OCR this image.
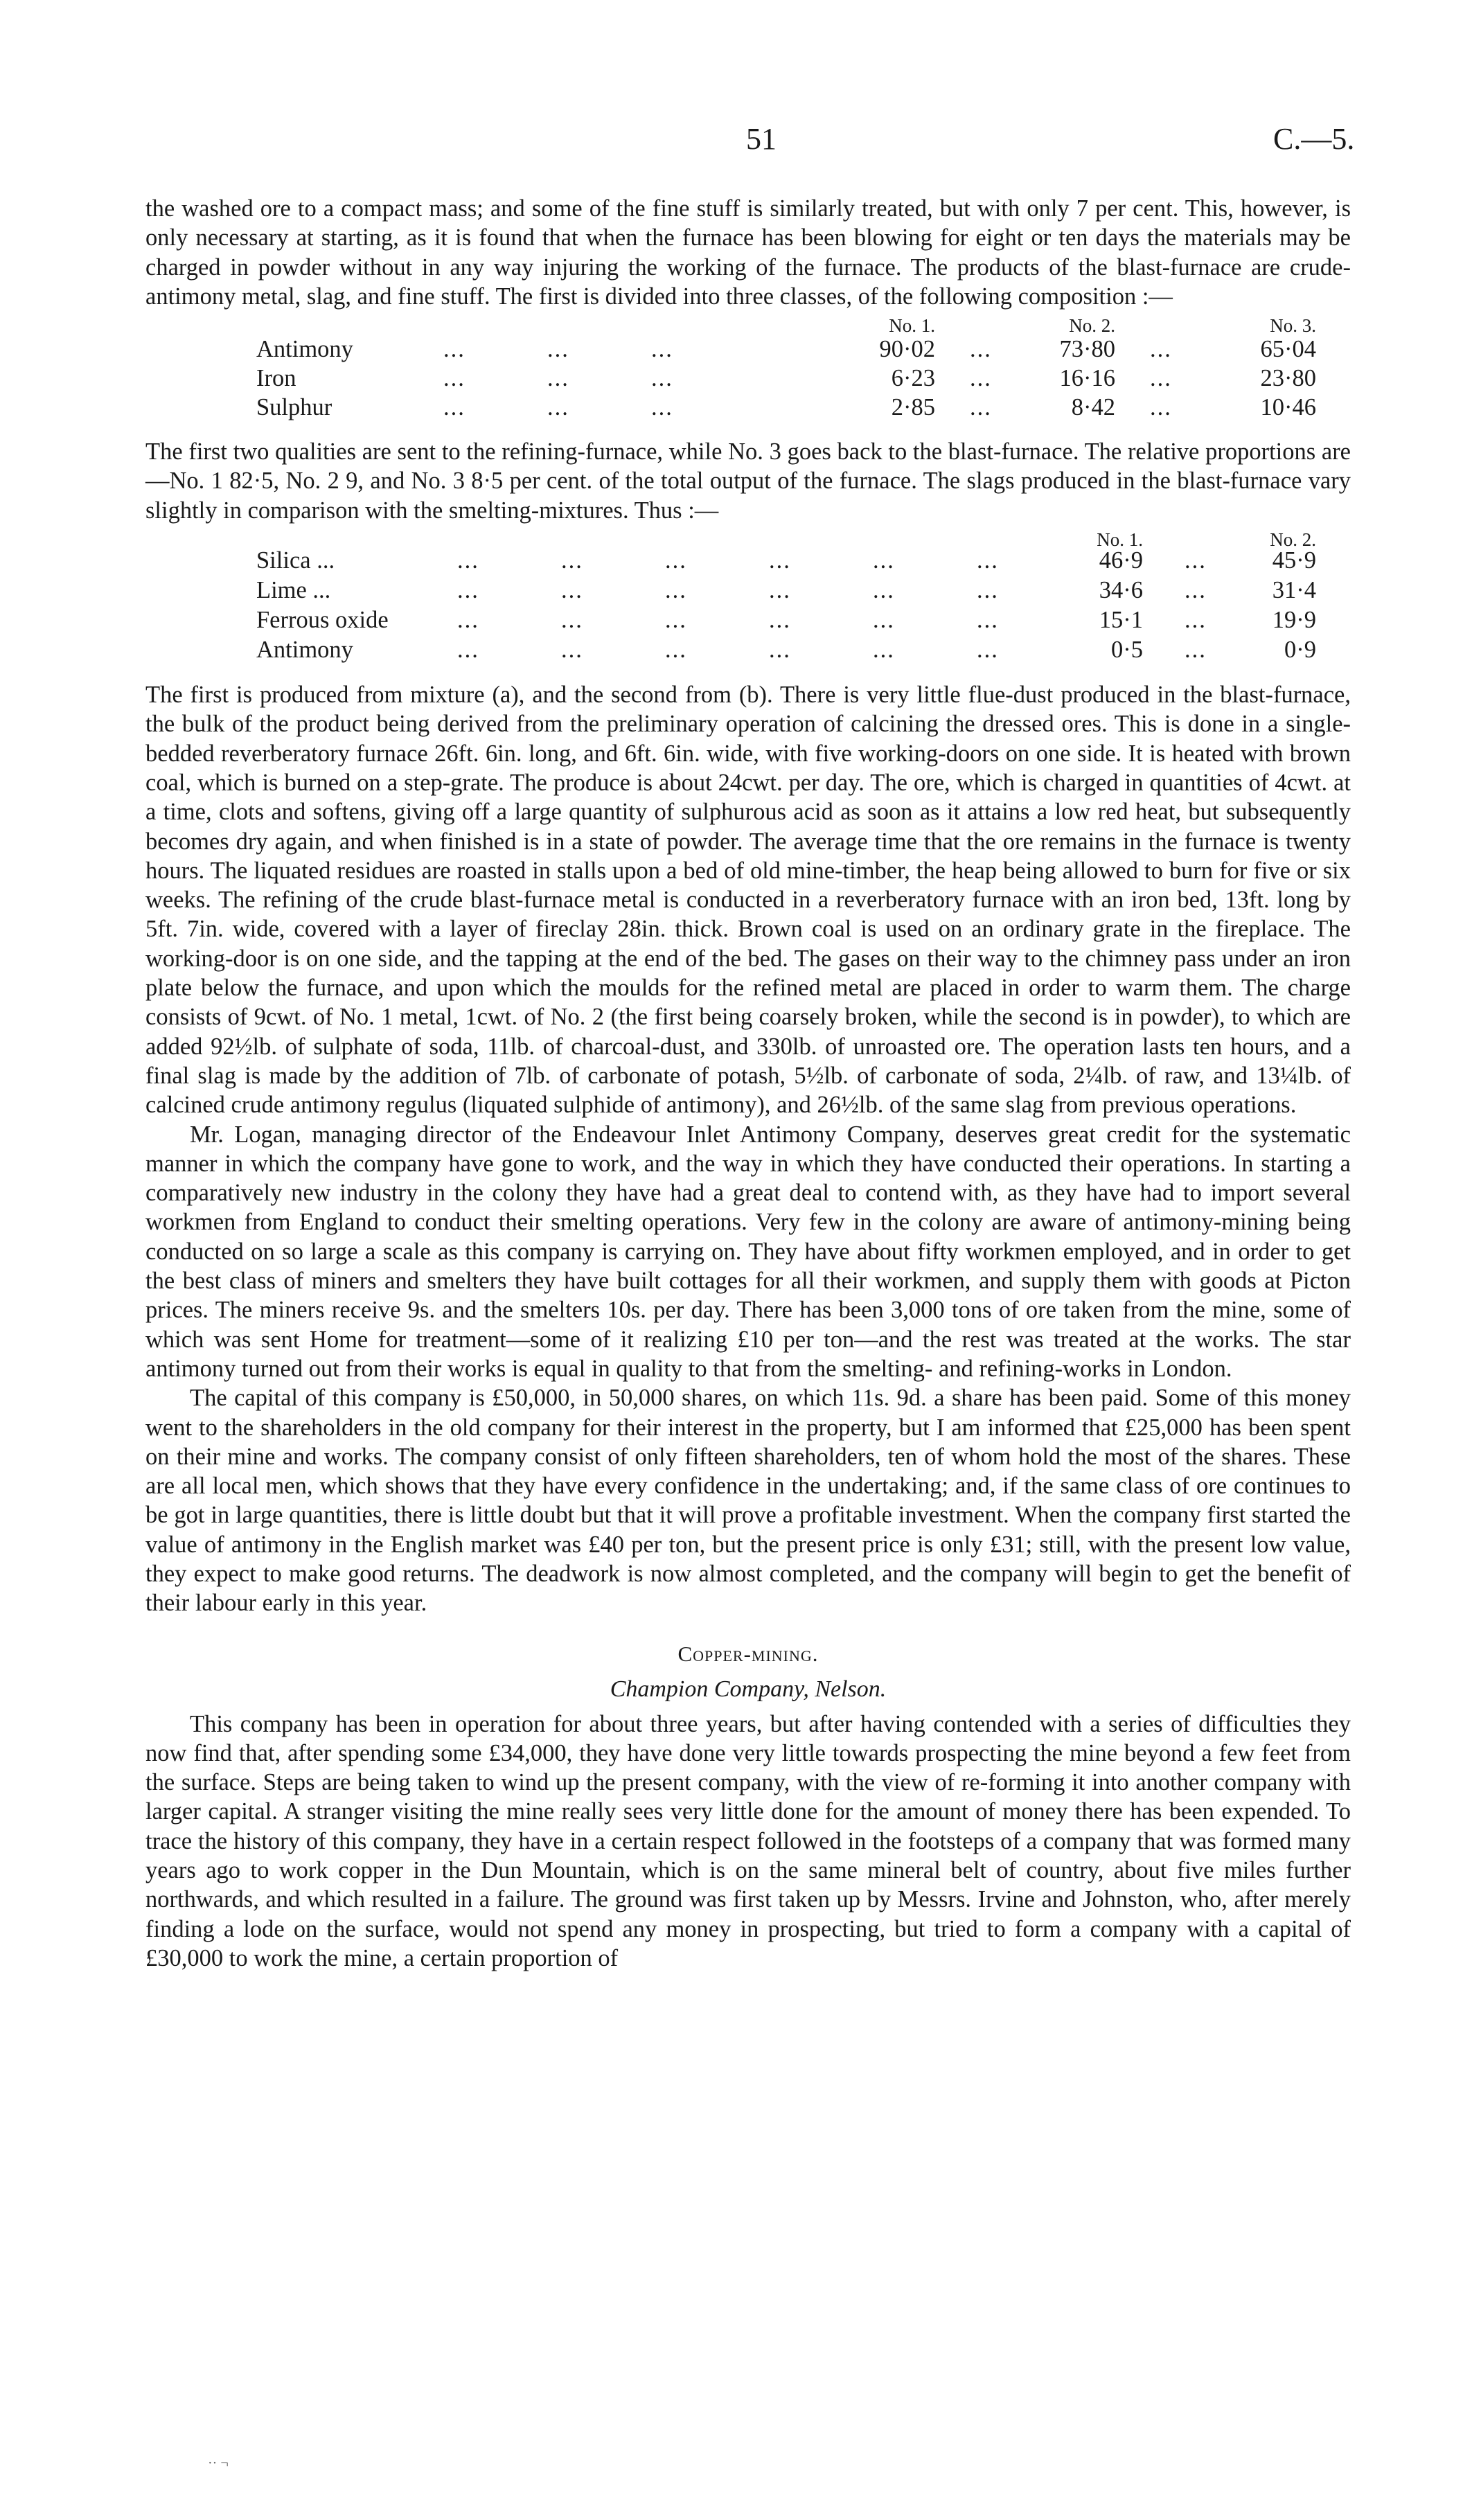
51	C.—5.

the washed ore to a compact mass; and some of the fine stuff is similarly treated, but with only 7 per cent. This, however, is only necessary at starting, as it is found that when the furnace has been blowing for eight or ten days the materials may be charged in powder without in any way injuring the working of the furnace. The products of the blast-furnace are crude-antimony metal, slag, and fine stuff. The first is divided into three classes, of the following composition :—

No. 1.	No. 2.	No. 3.
Antimony	...	...	...	90·02 ...	73·80 ...	65·04
Iron	...	...	...	6·23 ...	16·16 ...	23·80
Sulphur	...	...	...	2·85 ...	8·42 ...	10·46

The first two qualities are sent to the refining-furnace, while No. 3 goes back to the blast-furnace. The relative proportions are—No. 1 82·5, No. 2 9, and No. 3 8·5 per cent. of the total output of the furnace. The slags produced in the blast-furnace vary slightly in comparison with the smelting-mixtures. Thus :—

No. 1.	No. 2.
Silica ...	...	...	...	...	...	...	46·9 ...	45·9
Lime ...	...	...	...	...	...	...	34·6 ...	31·4
Ferrous oxide	...	...	...	...	...	...	15·1 ...	19·9
Antimony	...	...	...	...	...	...	0·5 ...	0·9

The first is produced from mixture (a), and the second from (b). There is very little flue-dust produced in the blast-furnace, the bulk of the product being derived from the preliminary operation of calcining the dressed ores. This is done in a single-bedded reverberatory furnace 26ft. 6in. long, and 6ft. 6in. wide, with five working-doors on one side. It is heated with brown coal, which is burned on a step-grate. The produce is about 24cwt. per day. The ore, which is charged in quantities of 4cwt. at a time, clots and softens, giving off a large quantity of sulphurous acid as soon as it attains a low red heat, but subsequently becomes dry again, and when finished is in a state of powder. The average time that the ore remains in the furnace is twenty hours. The liquated residues are roasted in stalls upon a bed of old mine-timber, the heap being allowed to burn for five or six weeks. The refining of the crude blast-furnace metal is conducted in a reverberatory furnace with an iron bed, 13ft. long by 5ft. 7in. wide, covered with a layer of fireclay 28in. thick. Brown coal is used on an ordinary grate in the fireplace. The working-door is on one side, and the tapping at the end of the bed. The gases on their way to the chimney pass under an iron plate below the furnace, and upon which the moulds for the refined metal are placed in order to warm them. The charge consists of 9cwt. of No. 1 metal, 1cwt. of No. 2 (the first being coarsely broken, while the second is in powder), to which are added 92½lb. of sulphate of soda, 11lb. of charcoal-dust, and 330lb. of unroasted ore. The operation lasts ten hours, and a final slag is made by the addition of 7lb. of carbonate of potash, 5½lb. of carbonate of soda, 2¼lb. of raw, and 13¼lb. of calcined crude antimony regulus (liquated sulphide of antimony), and 26½lb. of the same slag from previous operations.

Mr. Logan, managing director of the Endeavour Inlet Antimony Company, deserves great credit for the systematic manner in which the company have gone to work, and the way in which they have conducted their operations. In starting a comparatively new industry in the colony they have had a great deal to contend with, as they have had to import several workmen from England to conduct their smelting operations. Very few in the colony are aware of antimony-mining being conducted on so large a scale as this company is carrying on. They have about fifty workmen employed, and in order to get the best class of miners and smelters they have built cottages for all their workmen, and supply them with goods at Picton prices. The miners receive 9s. and the smelters 10s. per day. There has been 3,000 tons of ore taken from the mine, some of which was sent Home for treatment—some of it realizing £10 per ton—and the rest was treated at the works. The star antimony turned out from their works is equal in quality to that from the smelting- and refining-works in London.

The capital of this company is £50,000, in 50,000 shares, on which 11s. 9d. a share has been paid. Some of this money went to the shareholders in the old company for their interest in the property, but I am informed that £25,000 has been spent on their mine and works. The company consist of only fifteen shareholders, ten of whom hold the most of the shares. These are all local men, which shows that they have every confidence in the undertaking; and, if the same class of ore continues to be got in large quantities, there is little doubt but that it will prove a profitable investment. When the company first started the value of antimony in the English market was £40 per ton, but the present price is only £31; still, with the present low value, they expect to make good returns. The deadwork is now almost completed, and the company will begin to get the benefit of their labour early in this year.

Copper-mining.
Champion Company, Nelson.

This company has been in operation for about three years, but after having contended with a series of difficulties they now find that, after spending some £34,000, they have done very little towards prospecting the mine beyond a few feet from the surface. Steps are being taken to wind up the present company, with the view of re-forming it into another company with larger capital. A stranger visiting the mine really sees very little done for the amount of money there has been expended. To trace the history of this company, they have in a certain respect followed in the footsteps of a company that was formed many years ago to work copper in the Dun Mountain, which is on the same mineral belt of country, about five miles further northwards, and which resulted in a failure. The ground was first taken up by Messrs. Irvine and Johnston, who, after merely finding a lode on the surface, would not spend any money in prospecting, but tried to form a company with a capital of £30,000 to work the mine, a certain proportion of

·· ¬
